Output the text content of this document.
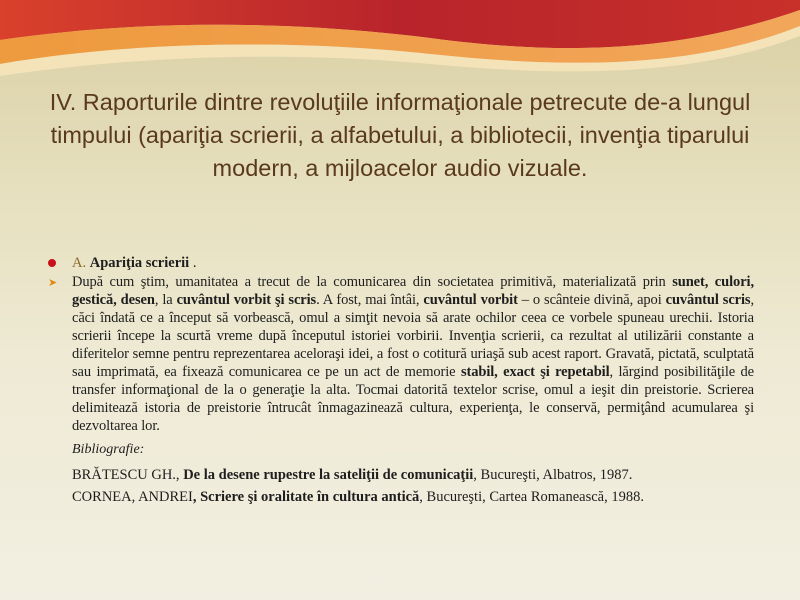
IV. Raporturile dintre revoluţiile informaţionale petrecute de-a lungul timpului (apariţia scrierii, a alfabetului, a bibliotecii, invenţia tiparului modern, a mijloacelor audio vizuale.

A. Apariţia scrierii .

➤	După cum ştim, umanitatea a trecut de la comunicarea din societatea primitivă, materializată prin sunet, culori, gestică, desen, la cuvântul vorbit şi scris. A fost, mai întâi, cuvântul vorbit – o scânteie divină, apoi cuvântul scris, căci îndată ce a început să vorbească, omul a simţit nevoia să arate ochilor ceea ce vorbele spuneau urechii. Istoria scrierii începe la scurtă vreme după începutul istoriei vorbirii. Invenţia scrierii, ca rezultat al utilizării constante a diferitelor semne pentru reprezentarea aceloraşi idei, a fost o cotitură uriaşă sub acest raport. Gravată, pictată, sculptată sau imprimată, ea fixează comunicarea ce pe un act de memorie stabil, exact şi repetabil, lărgind posibilităţile de transfer informaţional de la o generaţie la alta. Tocmai datorită textelor scrise, omul a ieşit din preistorie. Scrierea delimitează istoria de preistorie întrucât înmagazinează cultura, experienţa, le conservă, permiţând acumularea şi dezvoltarea lor.

Bibliografie:
BRĂTESCU GH., De la desene rupestre la sateliţii de comunicaţii, Bucureşti, Albatros, 1987.
CORNEA, ANDREI, Scriere şi oralitate în cultura antică, Bucureşti, Cartea Romanească, 1988.
